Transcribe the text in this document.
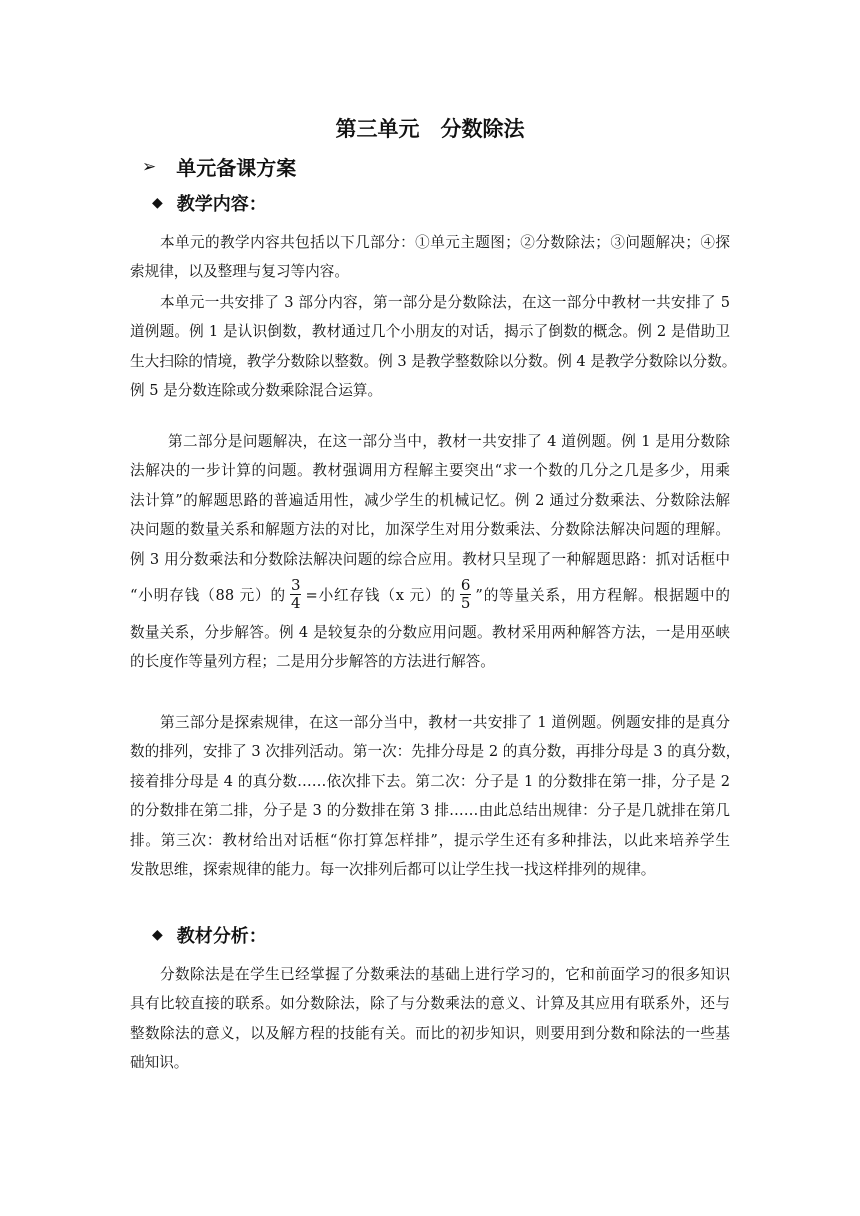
第三单元　分数除法
➢ 单元备课方案
◆ 教学内容：
本单元的教学内容共包括以下几部分：①单元主题图；②分数除法；③问题解决；④探
索规律，以及整理与复习等内容。
本单元一共安排了 3 部分内容，第一部分是分数除法，在这一部分中教材一共安排了 5
道例题。例 1 是认识倒数，教材通过几个小朋友的对话，揭示了倒数的概念。例 2 是借助卫
生大扫除的情境，教学分数除以整数。例 3 是教学整数除以分数。例 4 是教学分数除以分数。
例 5 是分数连除或分数乘除混合运算。
第二部分是问题解决，在这一部分当中，教材一共安排了 4 道例题。例 1 是用分数除
法解决的一步计算的问题。教材强调用方程解主要突出“求一个数的几分之几是多少，用乘
法计算”的解题思路的普遍适用性，减少学生的机械记忆。例 2 通过分数乘法、分数除法解
决问题的数量关系和解题方法的对比，加深学生对用分数乘法、分数除法解决问题的理解。
例 3 用分数乘法和分数除法解决问题的综合应用。教材只呈现了一种解题思路：抓对话框中
“小明存钱（88 元）的 $\frac{3}{4}$ =小红存钱（x 元）的 $\frac{6}{5}$ ”的等量关系，用方程解。根据题中的
数量关系，分步解答。例 4 是较复杂的分数应用问题。教材采用两种解答方法，一是用巫峡
的长度作等量列方程；二是用分步解答的方法进行解答。
第三部分是探索规律，在这一部分当中，教材一共安排了 1 道例题。例题安排的是真分
数的排列，安排了 3 次排列活动。第一次：先排分母是 2 的真分数，再排分母是 3 的真分数，
接着排分母是 4 的真分数……依次排下去。第二次：分子是 1 的分数排在第一排，分子是 2
的分数排在第二排，分子是 3 的分数排在第 3 排……由此总结出规律：分子是几就排在第几
排。第三次：教材给出对话框“你打算怎样排”，提示学生还有多种排法，以此来培养学生
发散思维，探索规律的能力。每一次排列后都可以让学生找一找这样排列的规律。
◆ 教材分析：
分数除法是在学生已经掌握了分数乘法的基础上进行学习的，它和前面学习的很多知识
具有比较直接的联系。如分数除法，除了与分数乘法的意义、计算及其应用有联系外，还与
整数除法的意义，以及解方程的技能有关。而比的初步知识，则要用到分数和除法的一些基
础知识。
